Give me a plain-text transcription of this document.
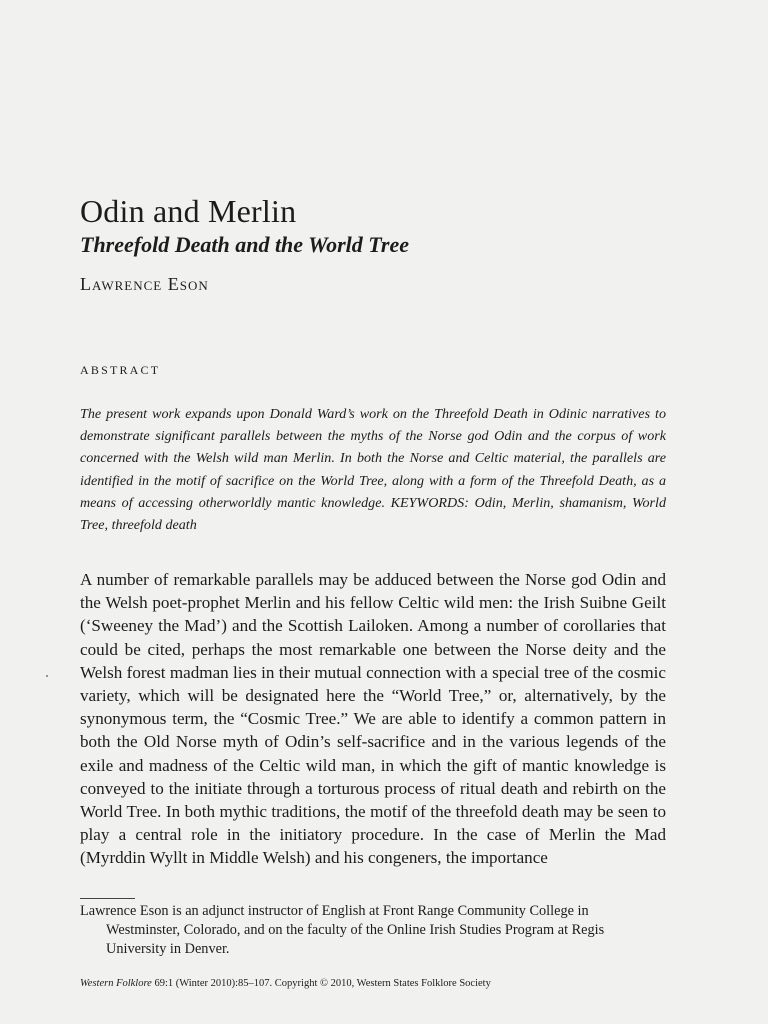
Odin and Merlin
Threefold Death and the World Tree
Lawrence Eson
ABSTRACT

The present work expands upon Donald Ward’s work on the Threefold Death in Odinic narratives to demonstrate significant parallels between the myths of the Norse god Odin and the corpus of work concerned with the Welsh wild man Merlin. In both the Norse and Celtic material, the parallels are identified in the motif of sacrifice on the World Tree, along with a form of the Threefold Death, as a means of accessing otherworldly mantic knowledge. KEYWORDS: Odin, Merlin, shamanism, World Tree, threefold death

A number of remarkable parallels may be adduced between the Norse god Odin and the Welsh poet-prophet Merlin and his fellow Celtic wild men: the Irish Suibne Geilt (‘Sweeney the Mad’) and the Scottish Lailoken. Among a number of corollaries that could be cited, perhaps the most remarkable one between the Norse deity and the Welsh forest madman lies in their mutual connection with a special tree of the cosmic variety, which will be designated here the “World Tree,” or, alternatively, by the synonymous term, the “Cosmic Tree.” We are able to identify a common pattern in both the Old Norse myth of Odin’s self-sacrifice and in the various legends of the exile and madness of the Celtic wild man, in which the gift of mantic knowledge is conveyed to the initiate through a torturous process of ritual death and rebirth on the World Tree. In both mythic traditions, the motif of the threefold death may be seen to play a central role in the initiatory procedure. In the case of Merlin the Mad (Myrddin Wyllt in Middle Welsh) and his congeners, the importance

Lawrence Eson is an adjunct instructor of English at Front Range Community College in Westminster, Colorado, and on the faculty of the Online Irish Studies Program at Regis University in Denver.

Western Folklore 69:1 (Winter 2010):85–107. Copyright © 2010, Western States Folklore Society
